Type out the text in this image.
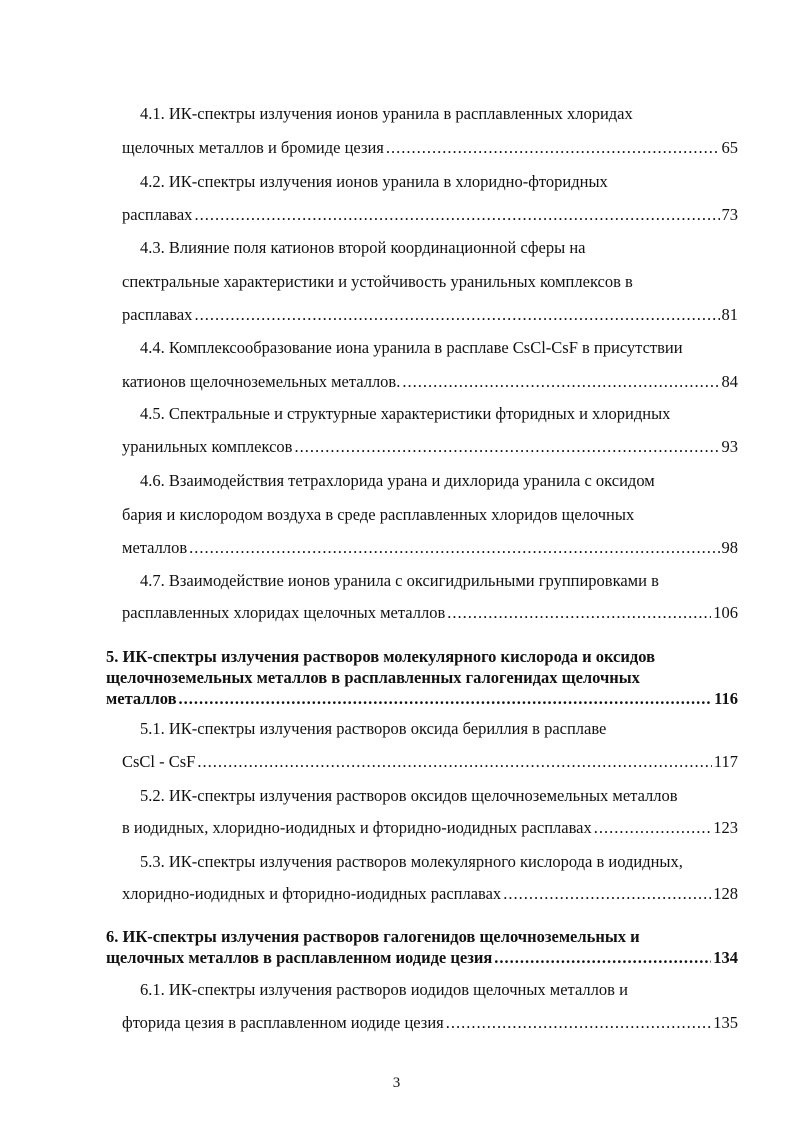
4.1. ИК-спектры излучения ионов уранила в расплавленных хлоридах
щелочных металлов и бромиде цезия .....	65
4.2. ИК-спектры излучения ионов уранила в хлоридно-фторидных
расплавах .....	73
4.3. Влияние поля катионов второй координационной сферы на
спектральные характеристики и устойчивость уранильных комплексов в
расплавах .....	81
4.4. Комплексообразование иона уранила в расплаве CsCl-CsF в присутствии
катионов щелочноземельных металлов. .....	84
4.5. Спектральные и структурные характеристики фторидных и хлоридных
уранильных комплексов .....	93
4.6. Взаимодействия тетрахлорида урана и дихлорида уранила с оксидом
бария и кислородом воздуха в среде расплавленных хлоридов щелочных
металлов .....	98
4.7. Взаимодействие ионов уранила с оксигидрильными группировками в
расплавленных хлоридах щелочных металлов .....	106
5. ИК-спектры излучения растворов молекулярного кислорода и оксидов
щелочноземельных металлов в расплавленных галогенидах щелочных
металлов .....	116
5.1. ИК-спектры излучения растворов оксида бериллия в расплаве
CsCl - CsF .....	117
5.2. ИК-спектры излучения растворов оксидов щелочноземельных металлов
в иодидных, хлоридно-иодидных и фторидно-иодидных расплавах .....	123
5.3. ИК-спектры излучения растворов молекулярного кислорода в иодидных,
хлоридно-иодидных и фторидно-иодидных расплавах .....	128
6. ИК-спектры излучения растворов галогенидов щелочноземельных и
щелочных металлов в расплавленном иодиде цезия .....	134
6.1. ИК-спектры излучения растворов иодидов щелочных металлов и
фторида цезия в расплавленном иодиде цезия .....	135
3
